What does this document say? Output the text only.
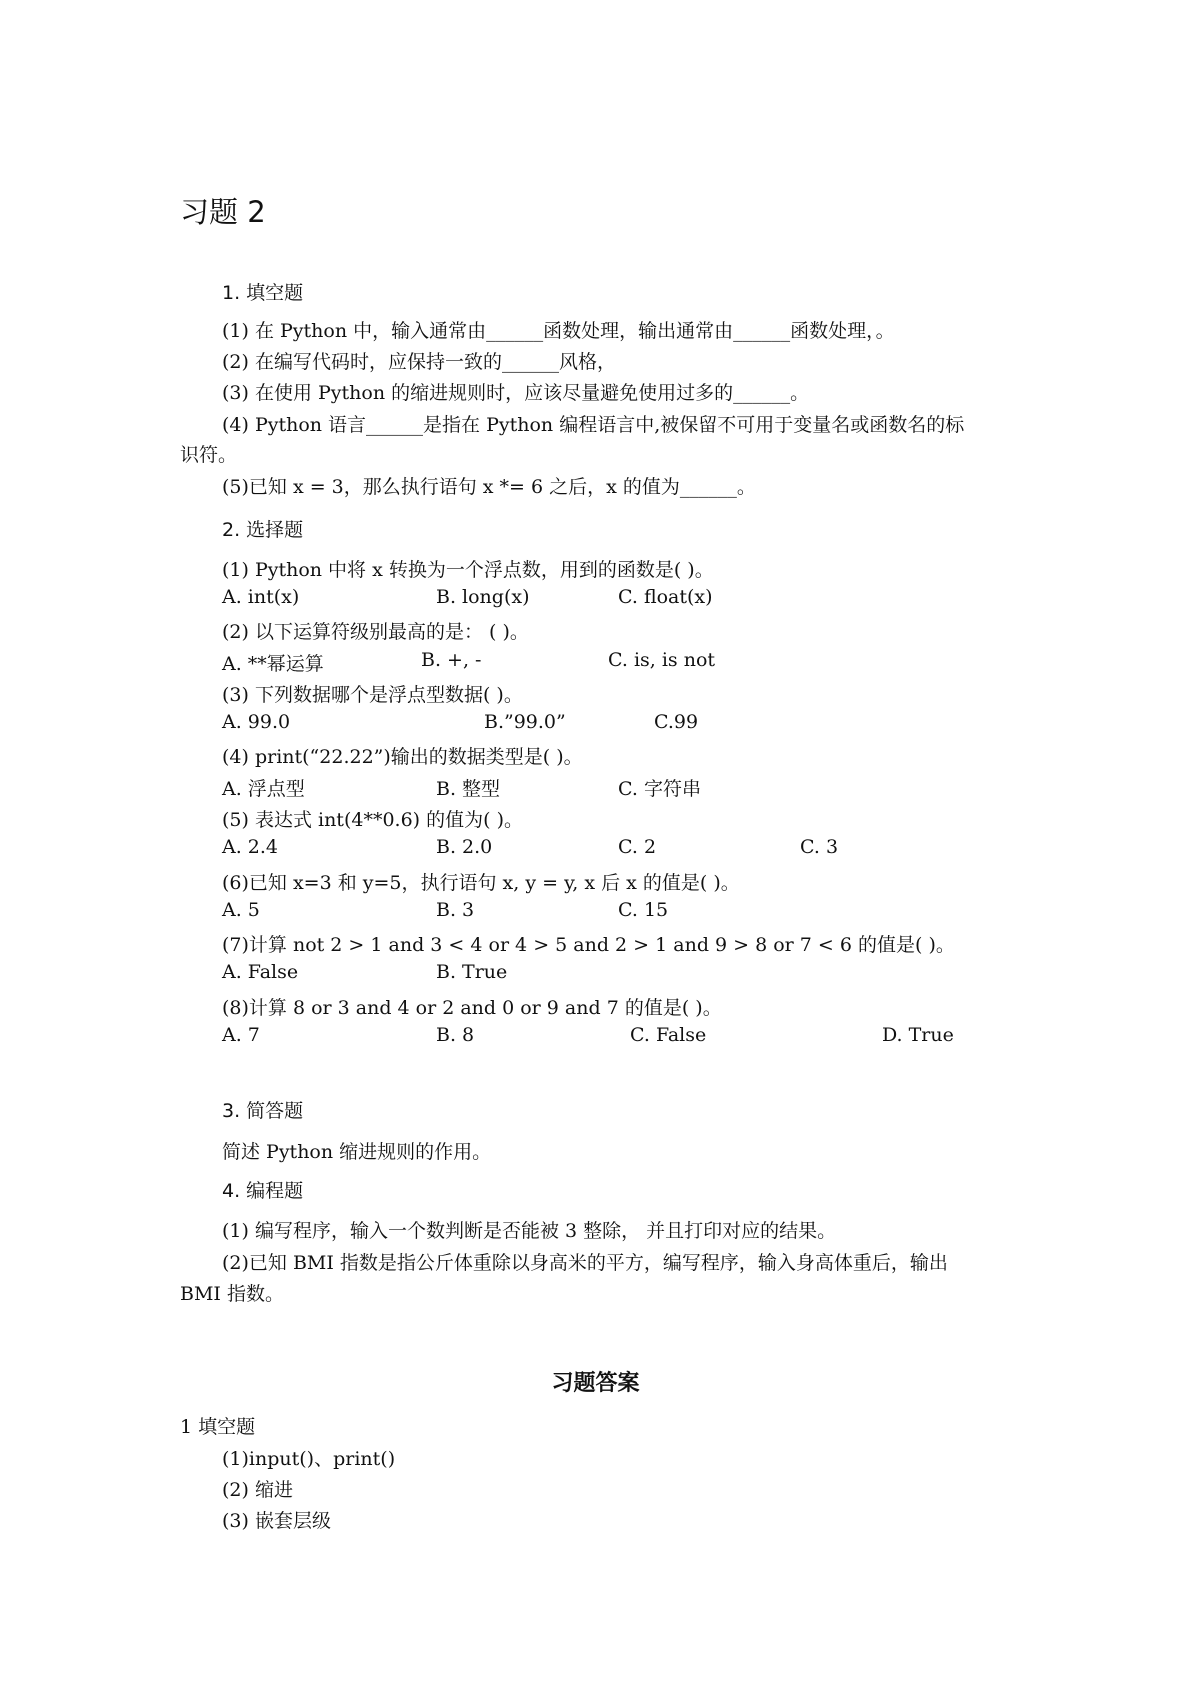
习题 2
1. 填空题
(1) 在 Python 中，输入通常由______函数处理，输出通常由______函数处理，。
(2) 在编写代码时，应保持一致的______风格，
(3) 在使用 Python 的缩进规则时，应该尽量避免使用过多的______。
(4) Python 语言______是指在 Python 编程语言中,被保留不可用于变量名或函数名的标
识符。
(5)已知 x = 3，那么执行语句 x *= 6 之后，x 的值为______。
2. 选择题
(1) Python 中将 x 转换为一个浮点数，用到的函数是( )。
A. int(x)	B. long(x)	C. float(x)
(2) 以下运算符级别最高的是： ( )。
A. **幂运算	B. +, -	C. is, is not
(3) 下列数据哪个是浮点型数据( )。
A. 99.0	B.”99.0”	C.99
(4) print(“22.22”)输出的数据类型是( )。
A. 浮点型	B. 整型	C. 字符串
(5) 表达式 int(4**0.6) 的值为( )。
A. 2.4	B. 2.0	C. 2	C. 3
(6)已知 x=3 和 y=5，执行语句 x, y = y, x 后 x 的值是( )。
A. 5	B. 3	C. 15
(7)计算 not 2 > 1 and 3 < 4 or 4 > 5 and 2 > 1 and 9 > 8 or 7 < 6 的值是( )。
A. False	B. True
(8)计算 8 or 3 and 4 or 2 and 0 or 9 and 7 的值是( )。
A. 7	B. 8	C. False	D. True
3. 简答题
简述 Python 缩进规则的作用。
4. 编程题
(1) 编写程序，输入一个数判断是否能被 3 整除， 并且打印对应的结果。
(2)已知 BMI 指数是指公斤体重除以身高米的平方，编写程序，输入身高体重后，输出
BMI 指数。
习题答案
1 填空题
(1)input()、print()
(2) 缩进
(3) 嵌套层级
